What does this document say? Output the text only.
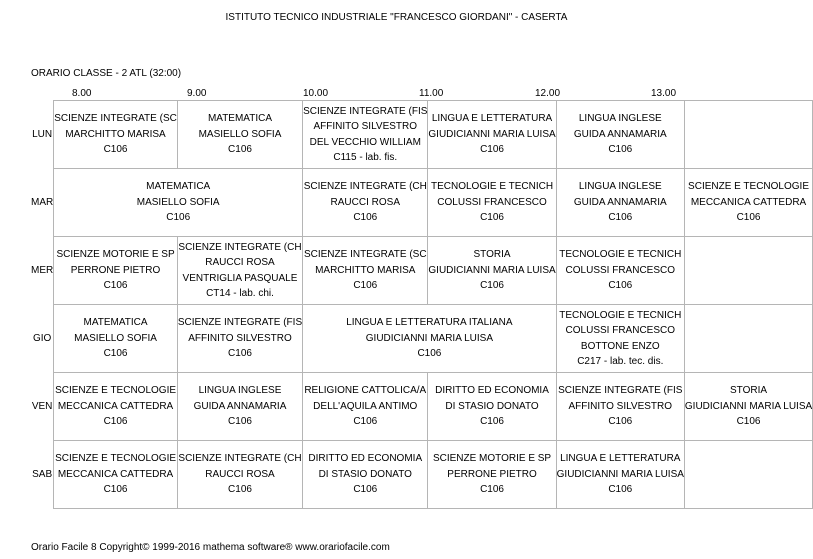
ISTITUTO TECNICO INDUSTRIALE "FRANCESCO GIORDANI" - CASERTA
ORARIO CLASSE - 2 ATL (32:00)
8.00	9.00	10.00	11.00	12.00	13.00
LUN	SCIENZE INTEGRATE (SC
MARCHITTO MARISA
C106	MATEMATICA
MASIELLO SOFIA
C106	SCIENZE INTEGRATE (FIS
AFFINITO SILVESTRO
DEL VECCHIO WILLIAM
C115 - lab. fis.	LINGUA E LETTERATURA
GIUDICIANNI MARIA LUISA
C106	LINGUA INGLESE
GUIDA ANNAMARIA
C106	

MAR	MATEMATICA
MASIELLO SOFIA
C106		SCIENZE INTEGRATE (CH
RAUCCI ROSA
C106	TECNOLOGIE E TECNICH
COLUSSI FRANCESCO
C106	LINGUA INGLESE
GUIDA ANNAMARIA
C106	SCIENZE E TECNOLOGIE
MECCANICA CATTEDRA
C106

MER	SCIENZE MOTORIE E SP
PERRONE PIETRO
C106	SCIENZE INTEGRATE (CH
RAUCCI ROSA
VENTRIGLIA PASQUALE
CT14 - lab. chi.	SCIENZE INTEGRATE (SC
MARCHITTO MARISA
C106	STORIA
GIUDICIANNI MARIA LUISA
C106	TECNOLOGIE E TECNICH
COLUSSI FRANCESCO
C106	

GIO	MATEMATICA
MASIELLO SOFIA
C106	SCIENZE INTEGRATE (FIS
AFFINITO SILVESTRO
C106	LINGUA E LETTERATURA ITALIANA
GIUDICIANNI MARIA LUISA
C106		TECNOLOGIE E TECNICH
COLUSSI FRANCESCO
BOTTONE ENZO
C217 - lab. tec. dis.	

VEN	SCIENZE E TECNOLOGIE
MECCANICA CATTEDRA
C106	LINGUA INGLESE
GUIDA ANNAMARIA
C106	RELIGIONE CATTOLICA/A
DELL'AQUILA ANTIMO
C106	DIRITTO ED ECONOMIA
DI STASIO DONATO
C106	SCIENZE INTEGRATE (FIS
AFFINITO SILVESTRO
C106	STORIA
GIUDICIANNI MARIA LUISA
C106

SAB	SCIENZE E TECNOLOGIE
MECCANICA CATTEDRA
C106	SCIENZE INTEGRATE (CH
RAUCCI ROSA
C106	DIRITTO ED ECONOMIA
DI STASIO DONATO
C106	SCIENZE MOTORIE E SP
PERRONE PIETRO
C106	LINGUA E LETTERATURA
GIUDICIANNI MARIA LUISA
C106	

Orario Facile 8 Copyright© 1999-2016 mathema software® www.orariofacile.com
